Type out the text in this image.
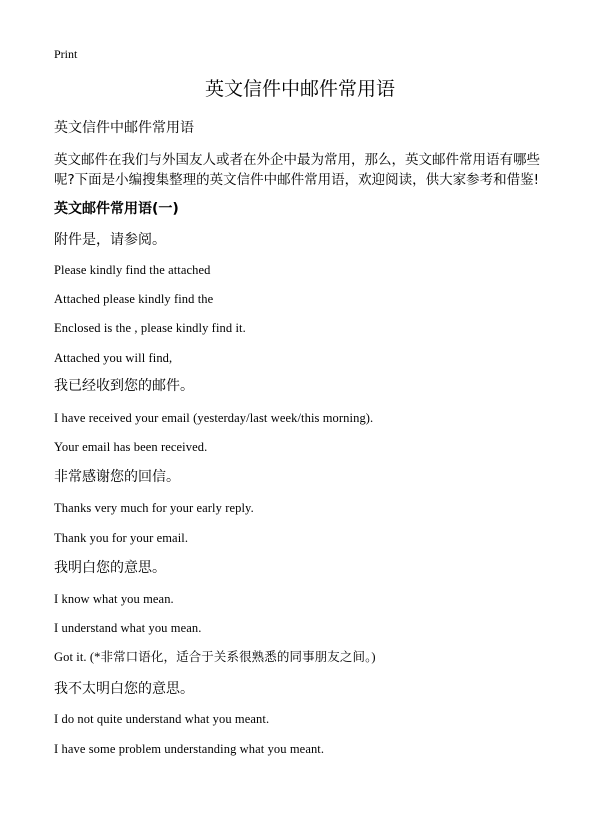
Print
英文信件中邮件常用语
英文信件中邮件常用语
英文邮件在我们与外国友人或者在外企中最为常用，那么，英文邮件常用语有哪些呢?下面是小编搜集整理的英文信件中邮件常用语，欢迎阅读，供大家参考和借鉴!
英文邮件常用语(一)
附件是，请参阅。
Please kindly find the attached
Attached please kindly find the
Enclosed is the , please kindly find it.
Attached you will find,
我已经收到您的邮件。
I have received your email (yesterday/last week/this morning).
Your email has been received.
非常感谢您的回信。
Thanks very much for your early reply.
Thank you for your email.
我明白您的意思。
I know what you mean.
I understand what you mean.
Got it. (*非常口语化，适合于关系很熟悉的同事朋友之间。)
我不太明白您的意思。
I do not quite understand what you meant.
I have some problem understanding what you meant.
